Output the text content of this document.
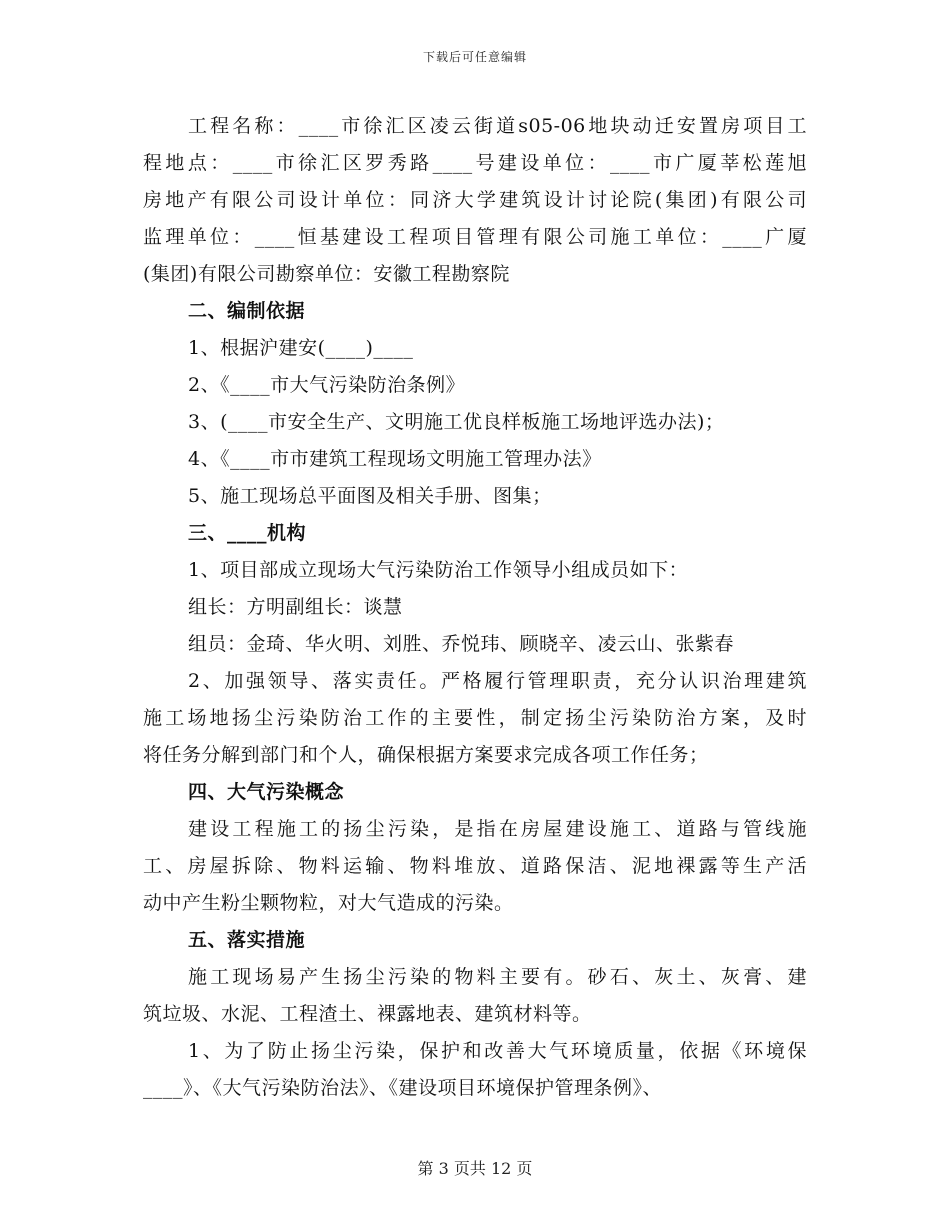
下载后可任意编辑
工程名称：____市徐汇区凌云街道s05-06地块动迁安置房项目工
程地点：____市徐汇区罗秀路____号建设单位：____市广厦莘松莲旭
房地产有限公司设计单位：同济大学建筑设计讨论院(集团)有限公司
监理单位：____恒基建设工程项目管理有限公司施工单位：____广厦
(集团)有限公司勘察单位：安徽工程勘察院
二、编制依据
1、根据沪建安(____)____
2、《____市大气污染防治条例》
3、(____市安全生产、文明施工优良样板施工场地评选办法)；
4、《____市市建筑工程现场文明施工管理办法》
5、施工现场总平面图及相关手册、图集；
三、____机构
1、项目部成立现场大气污染防治工作领导小组成员如下：
组长：方明副组长：谈慧
组员：金琦、华火明、刘胜、乔悦玮、顾晓辛、凌云山、张紫春
2、加强领导、落实责任。严格履行管理职责，充分认识治理建筑
施工场地扬尘污染防治工作的主要性，制定扬尘污染防治方案，及时
将任务分解到部门和个人，确保根据方案要求完成各项工作任务；
四、大气污染概念
建设工程施工的扬尘污染，是指在房屋建设施工、道路与管线施
工、房屋拆除、物料运输、物料堆放、道路保洁、泥地裸露等生产活
动中产生粉尘颗物粒，对大气造成的污染。
五、落实措施
施工现场易产生扬尘污染的物料主要有。砂石、灰土、灰膏、建
筑垃圾、水泥、工程渣土、裸露地表、建筑材料等。
1、为了防止扬尘污染，保护和改善大气环境质量，依据《环境保
____》、《大气污染防治法》、《建设项目环境保护管理条例》、
第 3 页共 12 页
